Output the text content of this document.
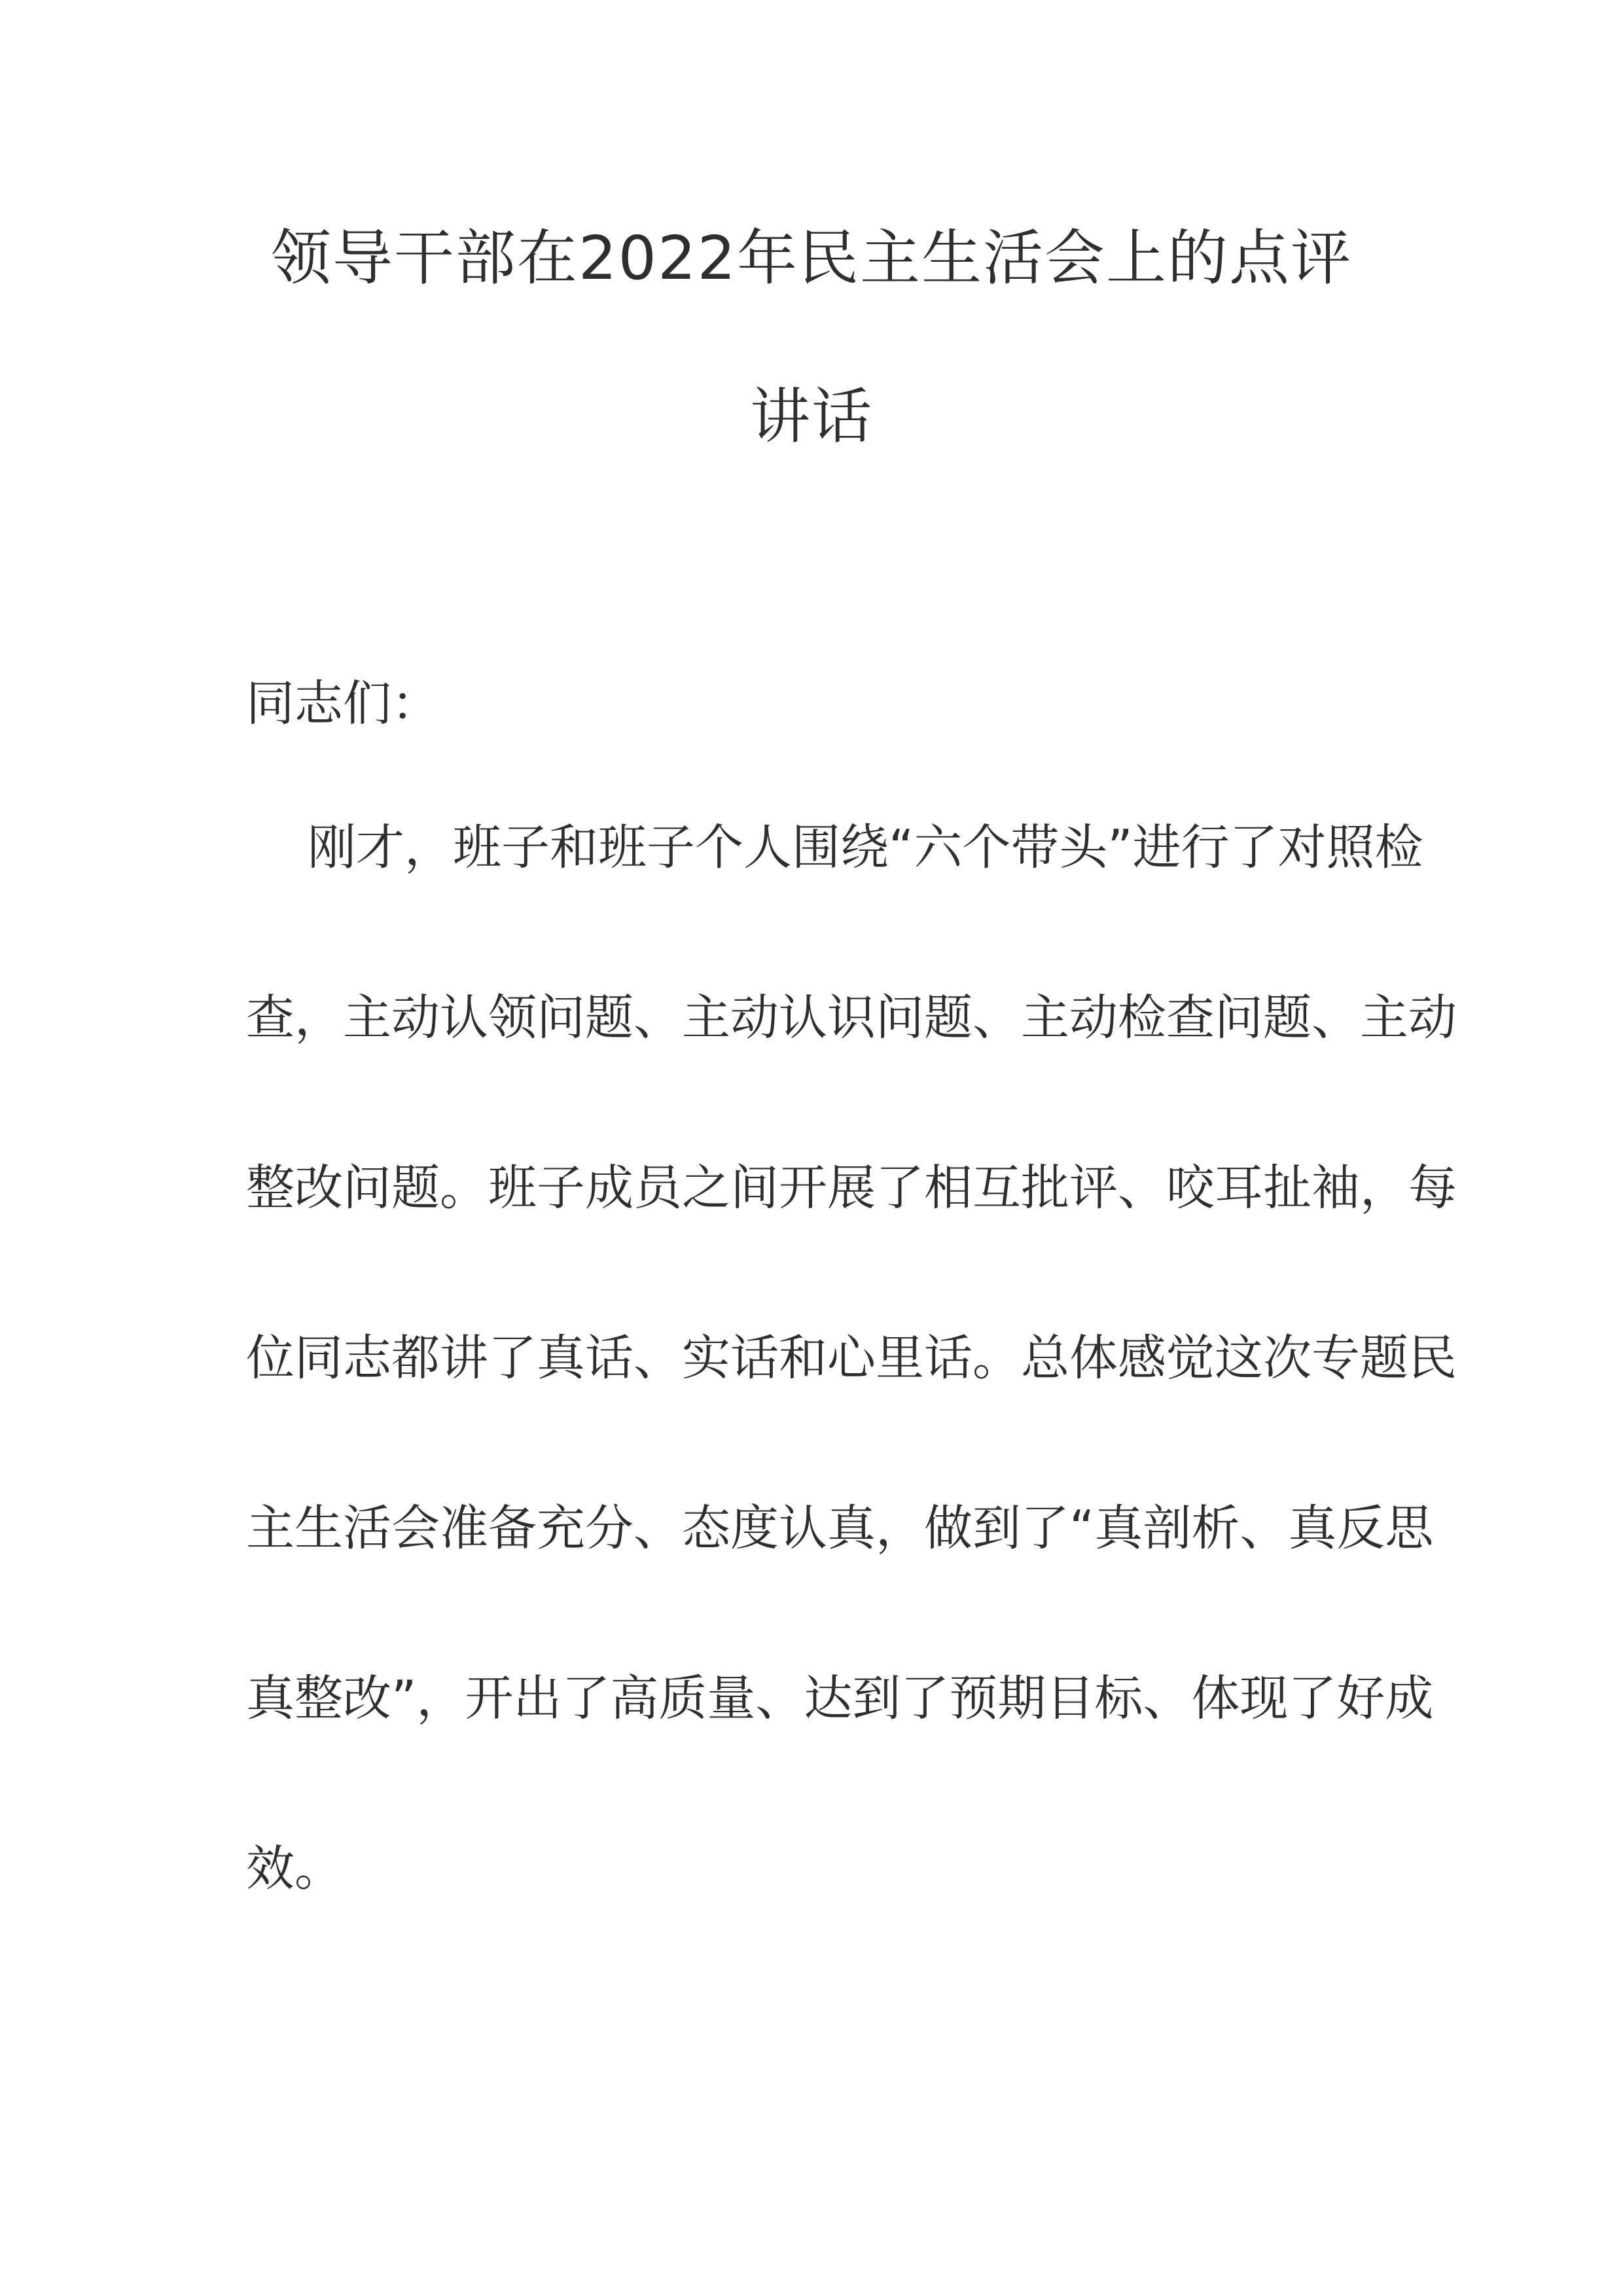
领导干部在2022年民主生活会上的点评
讲话
同志们：
刚才，班子和班子个人围绕“六个带头”进行了对照检
查，主动认领问题、主动认识问题、主动检查问题、主动
整改问题。班子成员之间开展了相互批评、咬耳扯袖，每
位同志都讲了真话、实话和心里话。总体感觉这次专题民
主生活会准备充分、态度认真，做到了“真剖析、真反思
真整改”，开出了高质量、达到了预期目标、体现了好成
效。
